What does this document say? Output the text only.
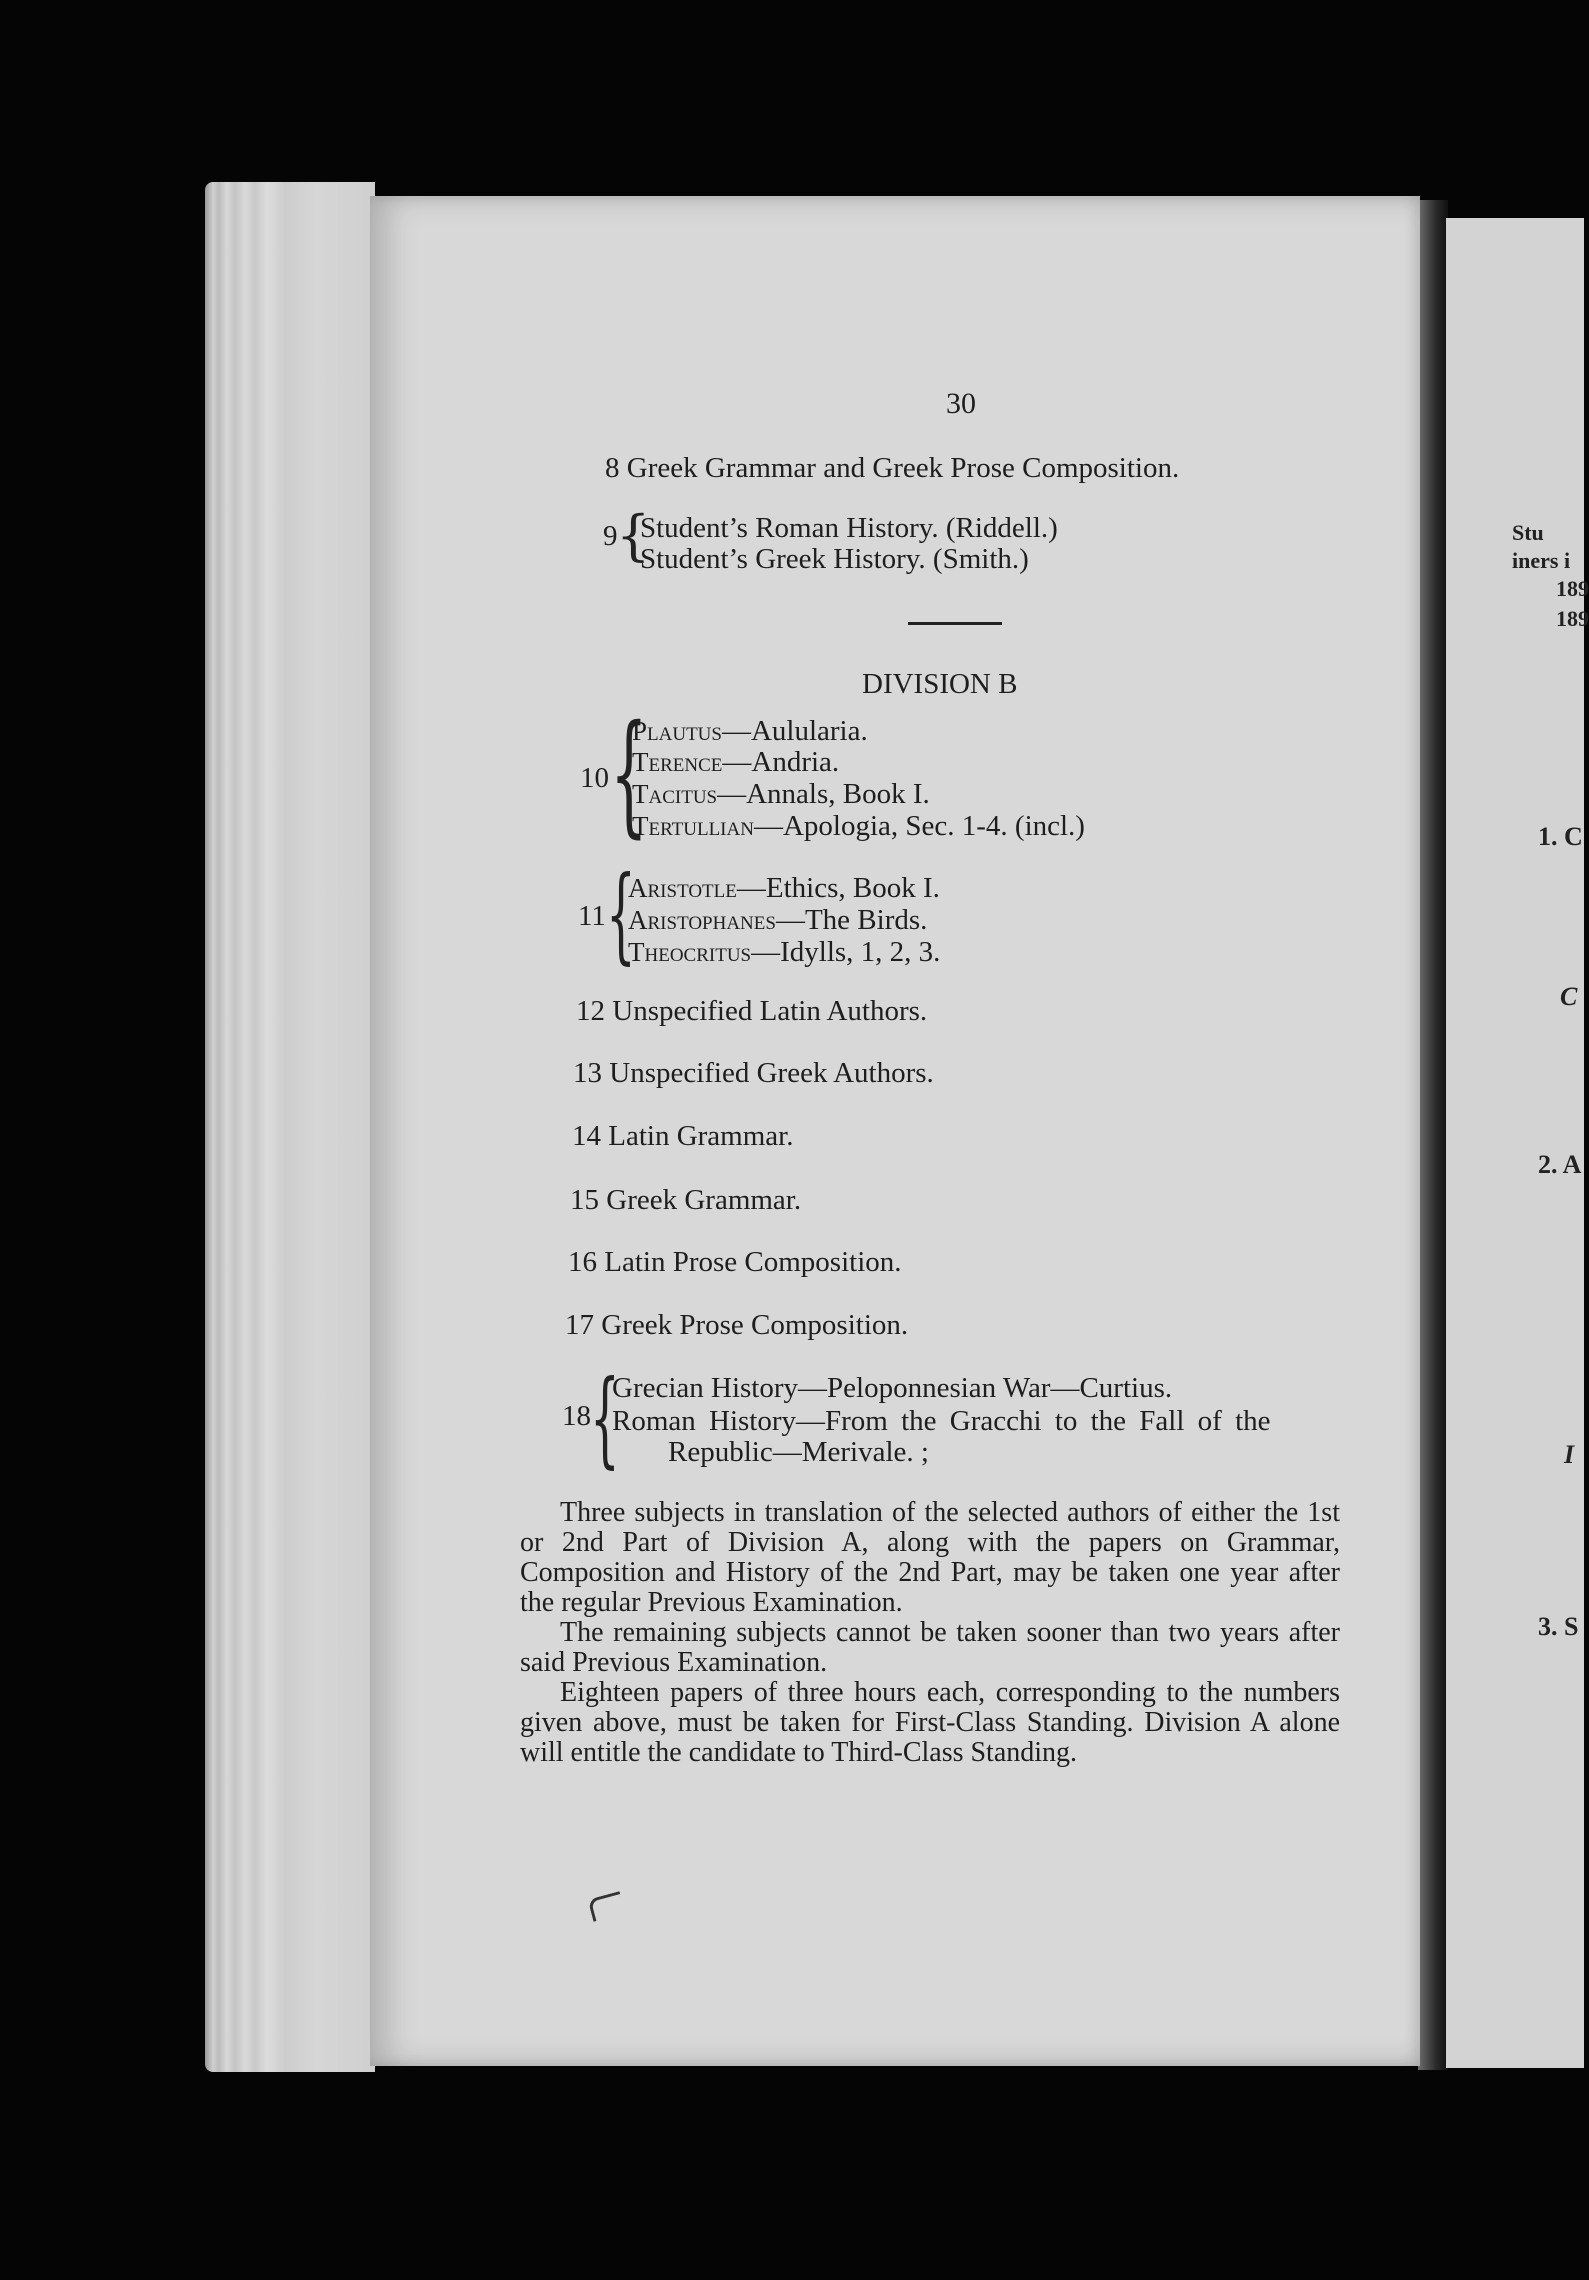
Stu
iners i
189
189
1. C
C
2. A
I
3. S
30
8 Greek Grammar and Greek Prose Composition.
9
{
Student’s Roman History. (Riddell.)
Student’s Greek History. (Smith.)
DIVISION B
10 {
Plautus—Aulularia.
Terence—Andria.
Tacitus—Annals, Book I.
Tertullian—Apologia, Sec. 1-4. (incl.)
11 {
Aristotle—Ethics, Book I.
Aristophanes—The Birds.
Theocritus—Idylls, 1, 2, 3.
12 Unspecified Latin Authors.
13 Unspecified Greek Authors.
14 Latin Grammar.
15 Greek Grammar.
16 Latin Prose Composition.
17 Greek Prose Composition.
18 {
Grecian History—Peloponnesian War—Curtius.
Roman History—From the Gracchi to the Fall of the
Republic—Merivale. ;

Three subjects in translation of the selected authors of either the 1st or 2nd Part of Division A, along with the papers on Grammar, Composition and History of the 2nd Part, may be taken one year after the regular Previous Examination.

The remaining subjects cannot be taken sooner than two years after said Previous Examination.

Eighteen papers of three hours each, corresponding to the numbers given above, must be taken for First-Class Standing. Division A alone will entitle the candidate to Third-Class Standing.
